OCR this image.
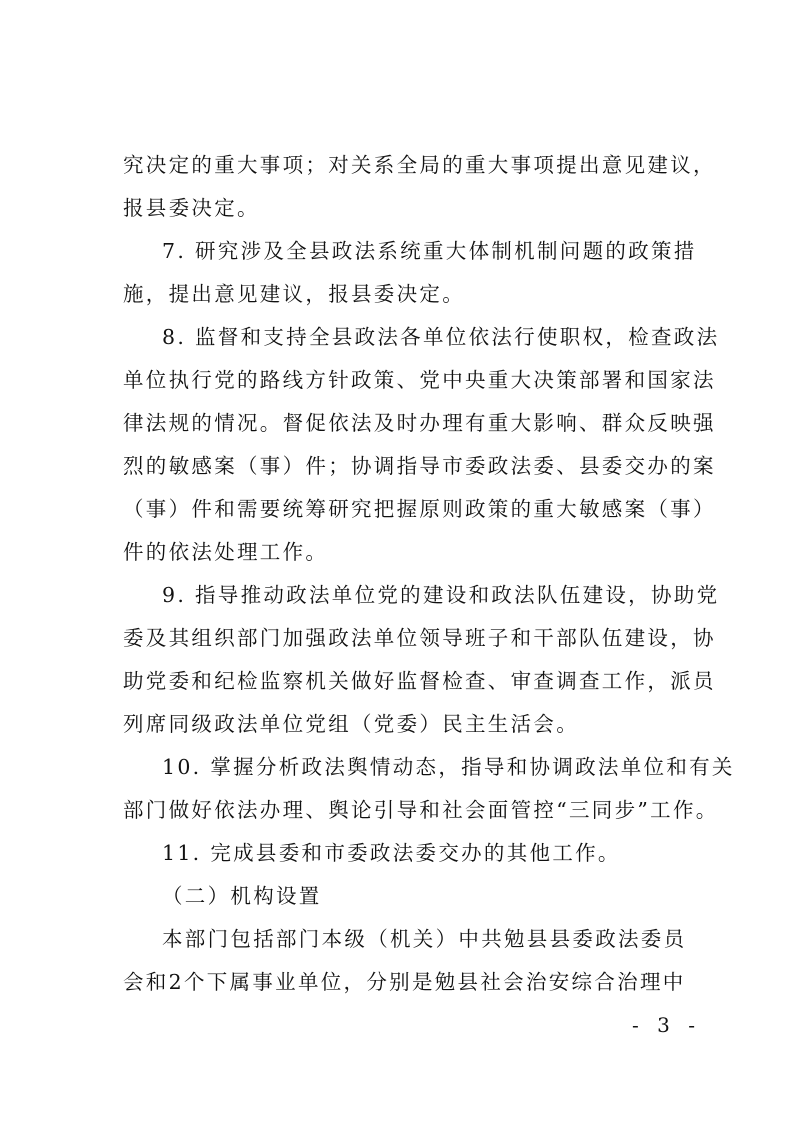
究决定的重大事项；对关系全局的重大事项提出意见建议，
报县委决定。
7. 研究涉及全县政法系统重大体制机制问题的政策措
施，提出意见建议，报县委决定。
8. 监督和支持全县政法各单位依法行使职权，检查政法
单位执行党的路线方针政策、党中央重大决策部署和国家法
律法规的情况。督促依法及时办理有重大影响、群众反映强
烈的敏感案（事）件；协调指导市委政法委、县委交办的案
（事）件和需要统筹研究把握原则政策的重大敏感案（事）
件的依法处理工作。
9. 指导推动政法单位党的建设和政法队伍建设，协助党
委及其组织部门加强政法单位领导班子和干部队伍建设，协
助党委和纪检监察机关做好监督检查、审查调查工作，派员
列席同级政法单位党组（党委）民主生活会。
10. 掌握分析政法舆情动态，指导和协调政法单位和有关
部门做好依法办理、舆论引导和社会面管控“三同步”工作。
11. 完成县委和市委政法委交办的其他工作。
（二）机构设置
本部门包括部门本级（机关）中共勉县县委政法委员
会和2个下属事业单位，分别是勉县社会治安综合治理中
- 3 -
